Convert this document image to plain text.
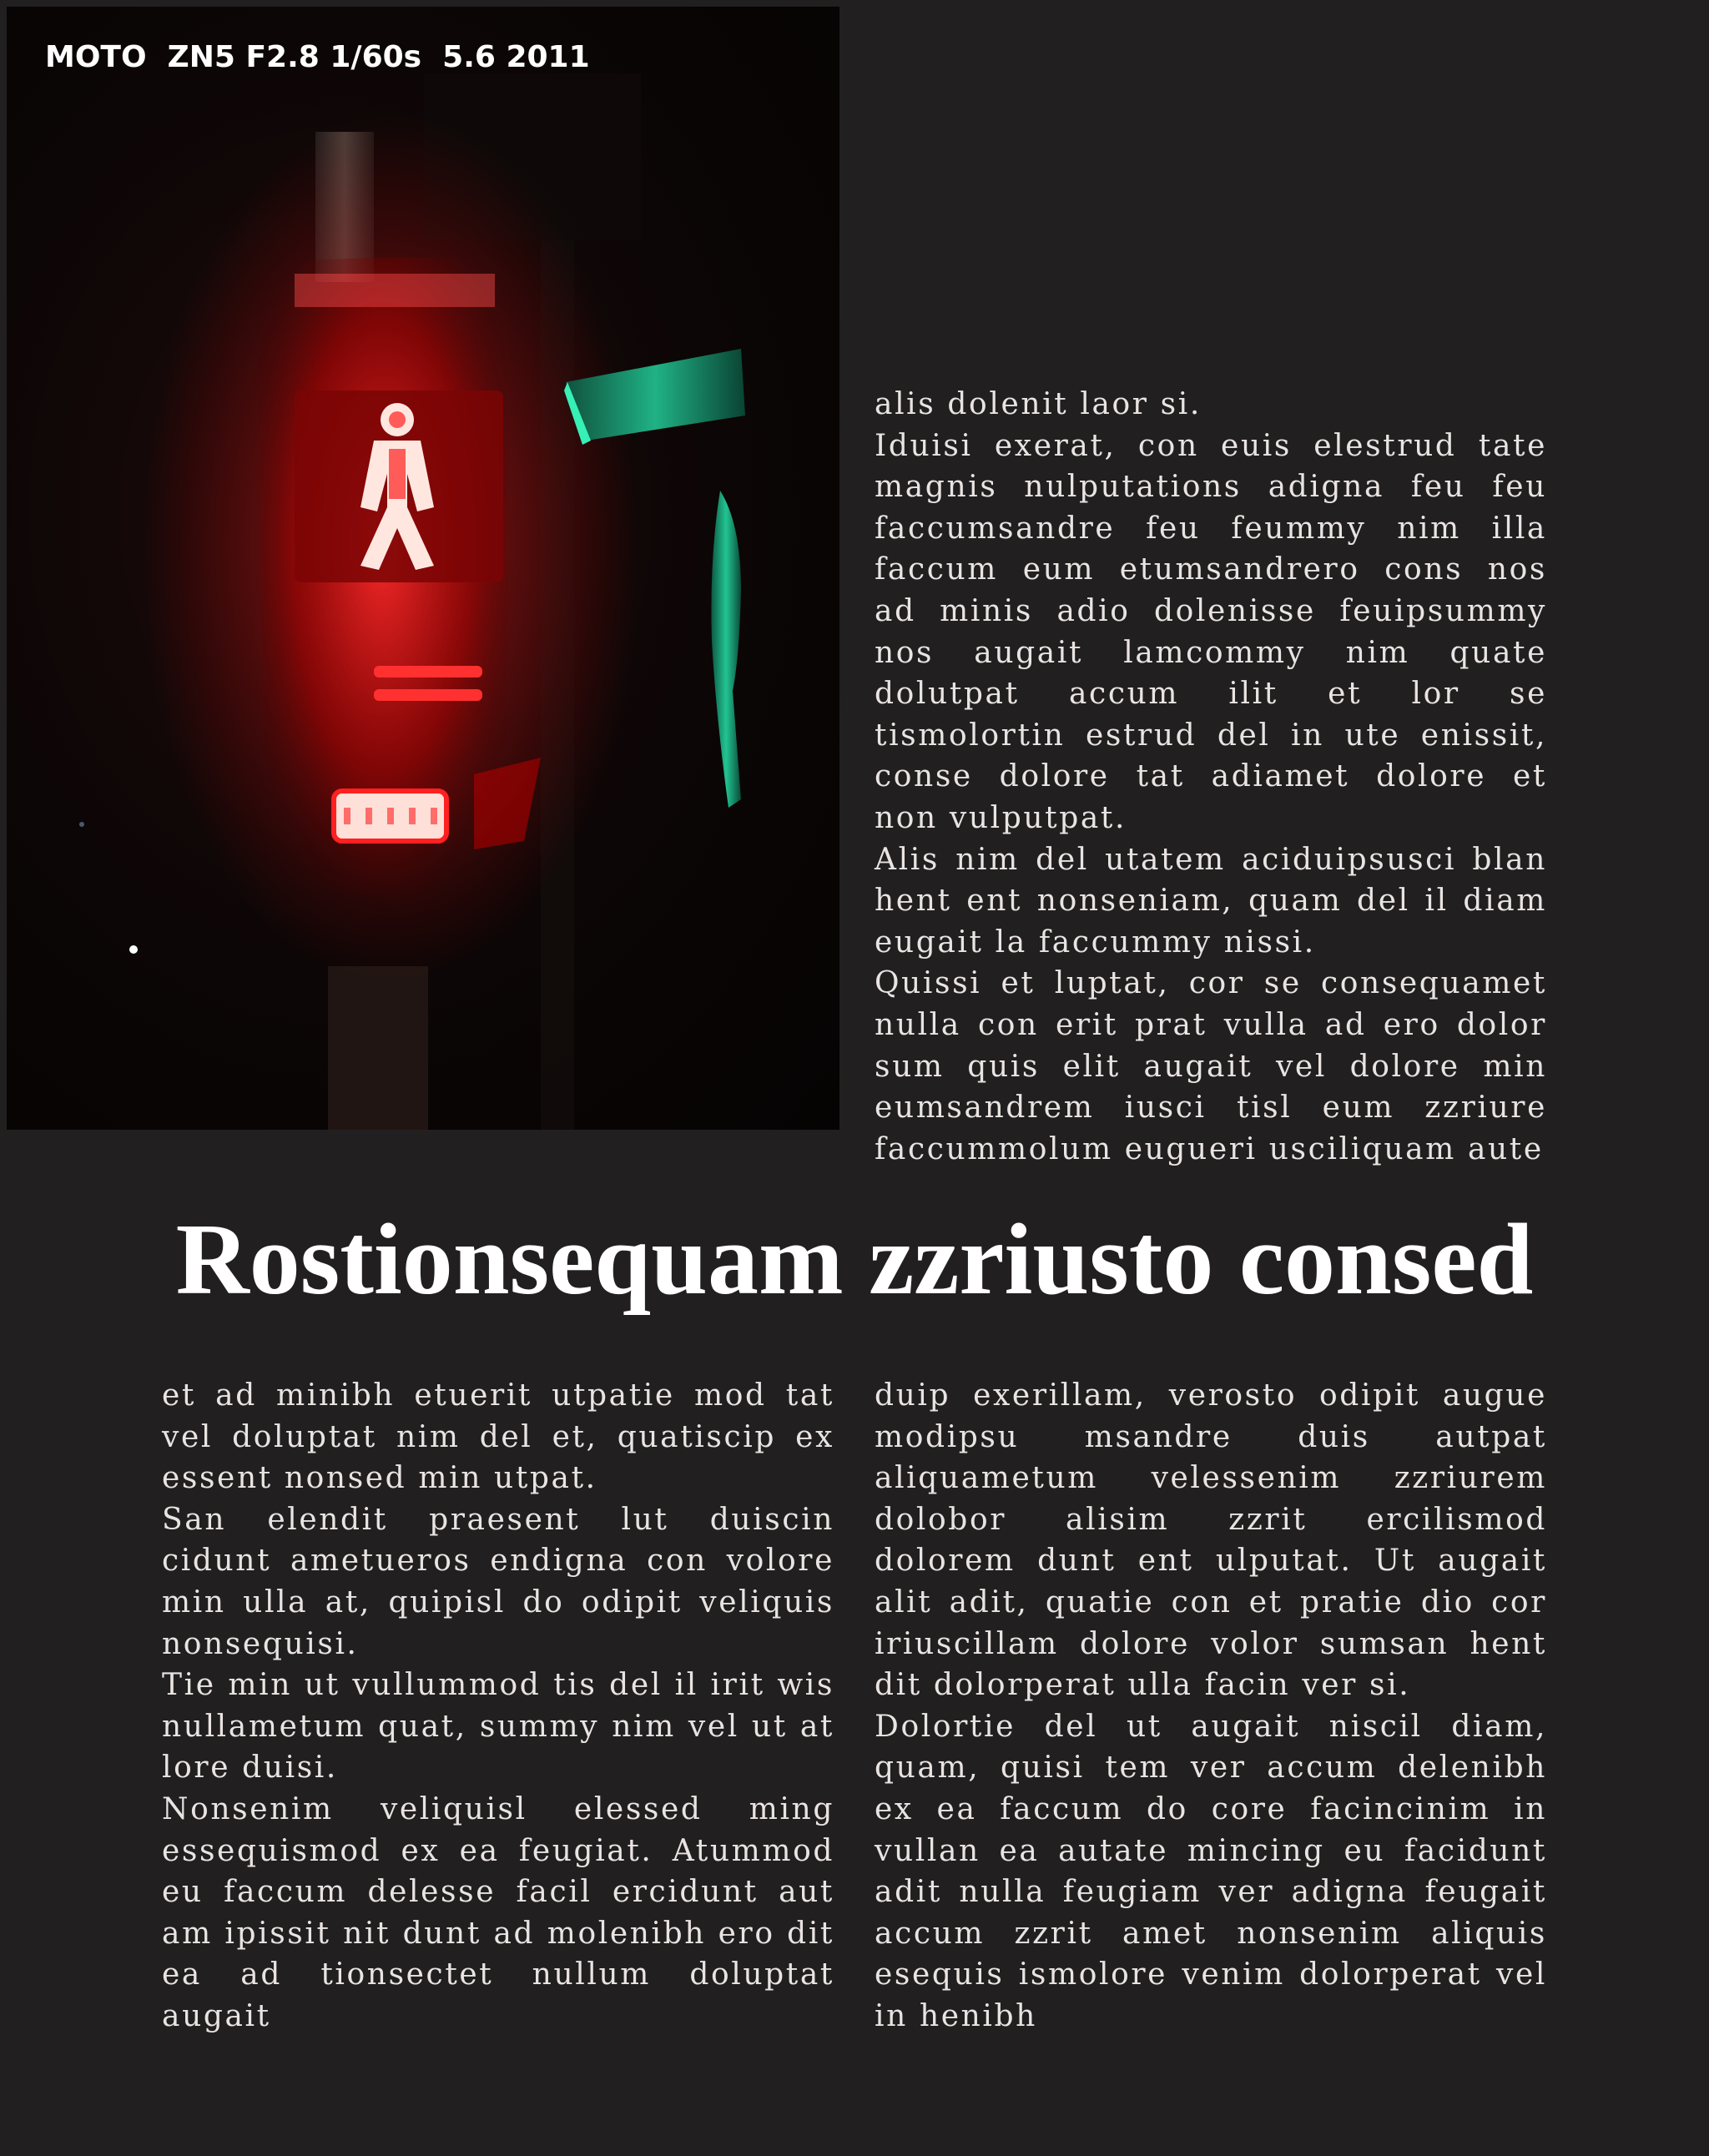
MOTO  ZN5 F2.8 1/60s  5.6 2011

alis dolenit laor si.

Iduisi exerat, con euis elestrud tate magnis nulputations adigna feu feu faccumsandre feu feummy nim illa faccum eum etumsandrero cons nos ad minis adio dolenisse feuipsummy nos augait lamcommy nim quate dolutpat accum ilit et lor se tismolortin estrud del in ute enissit, conse dolore tat adiamet dolore et non vulputpat.

Alis nim del utatem aciduipsusci blan hent ent nonseniam, quam del il diam eugait la faccummy nissi.

Quissi et luptat, cor se consequamet nulla con erit prat vulla ad ero dolor sum quis elit augait vel dolore min eumsandrem iusci tisl eum zzriure faccummolum eugueri usciliquam aute

Rostionsequam zzriusto consed

et ad minibh etuerit utpatie mod tat vel doluptat nim del et, quatiscip ex essent nonsed min utpat.

San elendit praesent lut duiscin cidunt ametueros endigna con volore min ulla at, quipisl do odipit veliquis nonsequisi.

Tie min ut vullummod tis del il irit wis nullametum quat, summy nim vel ut at lore duisi.

Nonsenim veliquisl elessed ming essequismod ex ea feugiat. Atummod eu faccum delesse facil ercidunt aut am ipissit nit dunt ad molenibh ero dit ea ad tionsectet nullum doluptat augait

duip exerillam, verosto odipit augue modipsu msandre duis autpat aliquametum velessenim zzriurem dolobor alisim zzrit ercilismod dolorem dunt ent ulputat. Ut augait alit adit, quatie con et pratie dio cor iriuscillam dolore volor sumsan hent dit dolorperat ulla facin ver si.

Dolortie del ut augait niscil diam, quam, quisi tem ver accum delenibh ex ea faccum do core facincinim in vullan ea autate mincing eu facidunt adit nulla feugiam ver adigna feugait accum zzrit amet nonsenim aliquis esequis ismolore venim dolorperat vel in henibh
